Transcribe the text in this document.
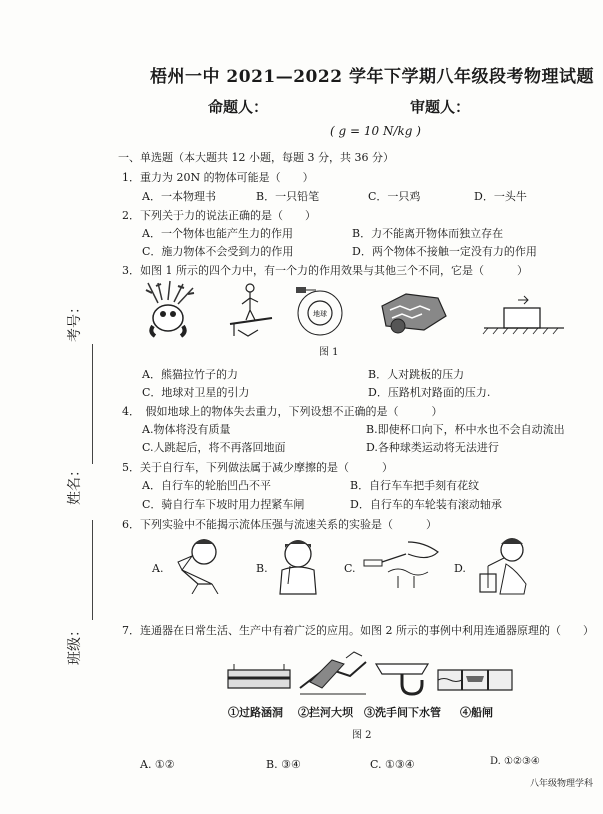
梧州一中 2021—2022 学年下学期八年级段考物理试题
命题人：	审题人：
( g = 10 N/kg )
考号：
姓名：
班级：
一、单选题（本大题共 12 小题，每题 3 分，共 36 分）
1．重力为 20N 的物体可能是（　　）
A．一本物理书	B．一只铅笔	C．一只鸡	D．一头牛
2．下列关于力的说法正确的是（　　）
A．一个物体也能产生力的作用	B．力不能离开物体而独立存在
C．施力物体不会受到力的作用	D．两个物体不接触一定没有力的作用
3．如图 1 所示的四个力中，有一个力的作用效果与其他三个不同，它是（　　　）
地球
图 1
A．熊猫拉竹子的力	B．人对跳板的压力
C．地球对卫星的引力	D．压路机对路面的压力.
4．　假如地球上的物体失去重力，下列设想不正确的是（　　　）
A.物体将没有质量	B.即使杯口向下，杯中水也不会自动流出
C.人跳起后，将不再落回地面	D.各种球类运动将无法进行
5．关于自行车，下列做法属于减少摩擦的是（　　　）
A．自行车的轮胎凹凸不平	B．自行车车把手刻有花纹
C．骑自行车下坡时用力捏紧车闸	D．自行车的车轮装有滚动轴承
6．下列实验中不能揭示流体压强与流速关系的实验是（　　　）
A.	B.	C.	D.
7．连通器在日常生活、生产中有着广泛的应用。如图 2 所示的事例中利用连通器原理的（　　）
①过路涵洞 ②拦河大坝 ③洗手间下水管 ④船闸
图 2
A. ①②	B. ③④	C. ①③④	D. ①②③④
八年级物理学科
